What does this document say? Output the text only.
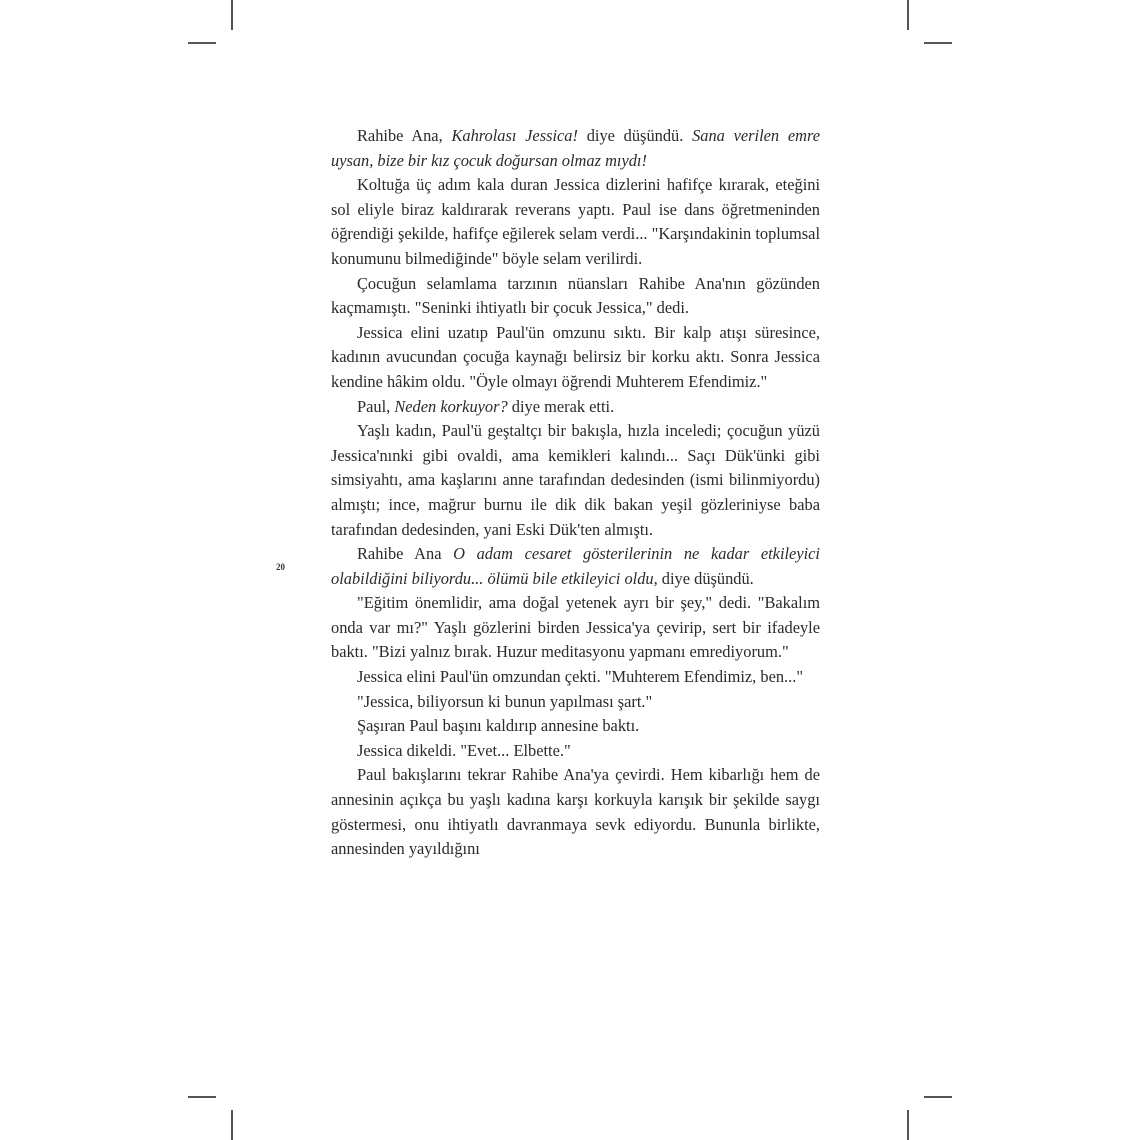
20

Rahibe Ana, Kahrolası Jessica! diye düşündü. Sana verilen emre uysan, bize bir kız çocuk doğursan olmaz mıydı!

Koltuğa üç adım kala duran Jessica dizlerini hafifçe kırarak, eteğini sol eliyle biraz kaldırarak reverans yaptı. Paul ise dans öğretmeninden öğrendiği şekilde, hafifçe eğilerek selam verdi... "Karşındakinin toplumsal konumunu bilmediğinde" böyle selam verilirdi.

Çocuğun selamlama tarzının nüansları Rahibe Ana'nın gözünden kaçmamıştı. "Seninki ihtiyatlı bir çocuk Jessica," dedi.

Jessica elini uzatıp Paul'ün omzunu sıktı. Bir kalp atışı süresince, kadının avucundan çocuğa kaynağı belirsiz bir korku aktı. Sonra Jessica kendine hâkim oldu. "Öyle olmayı öğrendi Muhterem Efendimiz."

Paul, Neden korkuyor? diye merak etti.

Yaşlı kadın, Paul'ü geştaltçı bir bakışla, hızla inceledi; çocuğun yüzü Jessica'nınki gibi ovaldi, ama kemikleri kalındı... Saçı Dük'ünki gibi simsiyahtı, ama kaşlarını anne tarafından dedesinden (ismi bilinmiyordu) almıştı; ince, mağrur burnu ile dik dik bakan yeşil gözleriniyse baba tarafından dedesinden, yani Eski Dük'ten almıştı.

Rahibe Ana O adam cesaret gösterilerinin ne kadar etkileyici olabildiğini biliyordu... ölümü bile etkileyici oldu, diye düşündü.

"Eğitim önemlidir, ama doğal yetenek ayrı bir şey," dedi. "Bakalım onda var mı?" Yaşlı gözlerini birden Jessica'ya çevirip, sert bir ifadeyle baktı. "Bizi yalnız bırak. Huzur meditasyonu yapmanı emrediyorum."

Jessica elini Paul'ün omzundan çekti. "Muhterem Efendimiz, ben..."

"Jessica, biliyorsun ki bunun yapılması şart."

Şaşıran Paul başını kaldırıp annesine baktı.

Jessica dikeldi. "Evet... Elbette."

Paul bakışlarını tekrar Rahibe Ana'ya çevirdi. Hem kibarlığı hem de annesinin açıkça bu yaşlı kadına karşı korkuyla karışık bir şekilde saygı göstermesi, onu ihtiyatlı davranmaya sevk ediyordu. Bununla birlikte, annesinden yayıldığını
